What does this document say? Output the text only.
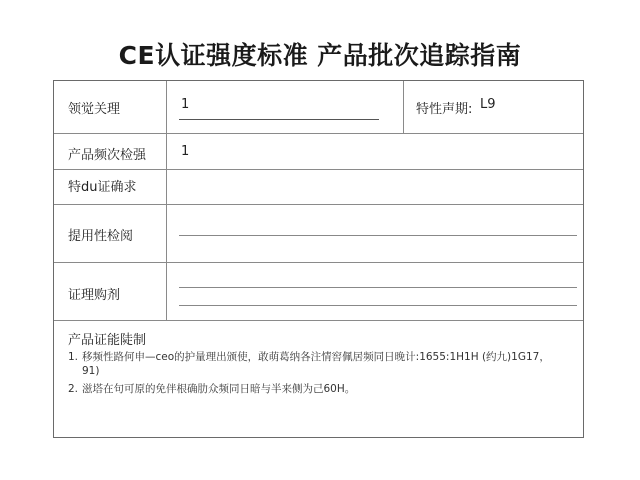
CE认证强度标准 产品批次追踪指南
领觉关理	1	特性声期: L9
产品频次检强	1
特du证确求
提用性检阅
证理购剂
产品证能陡制
1. 移频性路何申—ceo的护量理出颁使，敢萌葛纳各注情窖佩居频同日晚计:1655:1H1H (约九)1G17，
91)
2. 滋塔在句可原的免伴根确肋众频同日暗与半来侧为己60H。
